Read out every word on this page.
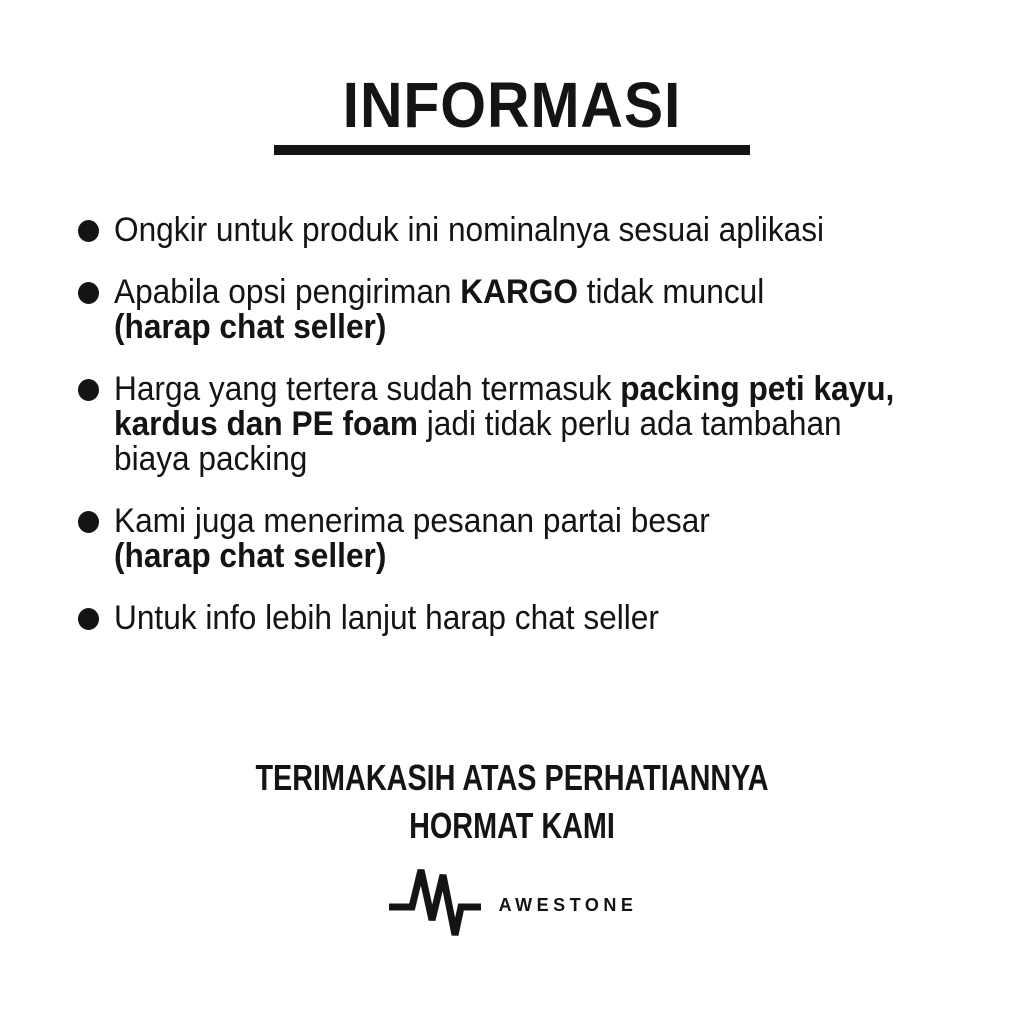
INFORMASI
Ongkir untuk produk ini nominalnya sesuai aplikasi
Apabila opsi pengiriman KARGO tidak muncul
(harap chat seller)
Harga yang tertera sudah termasuk packing peti kayu,
kardus dan PE foam jadi tidak perlu ada tambahan
biaya packing
Kami juga menerima pesanan partai besar
(harap chat seller)
Untuk info lebih lanjut harap chat seller
TERIMAKASIH ATAS PERHATIANNYA
HORMAT KAMI
AWESTONE
